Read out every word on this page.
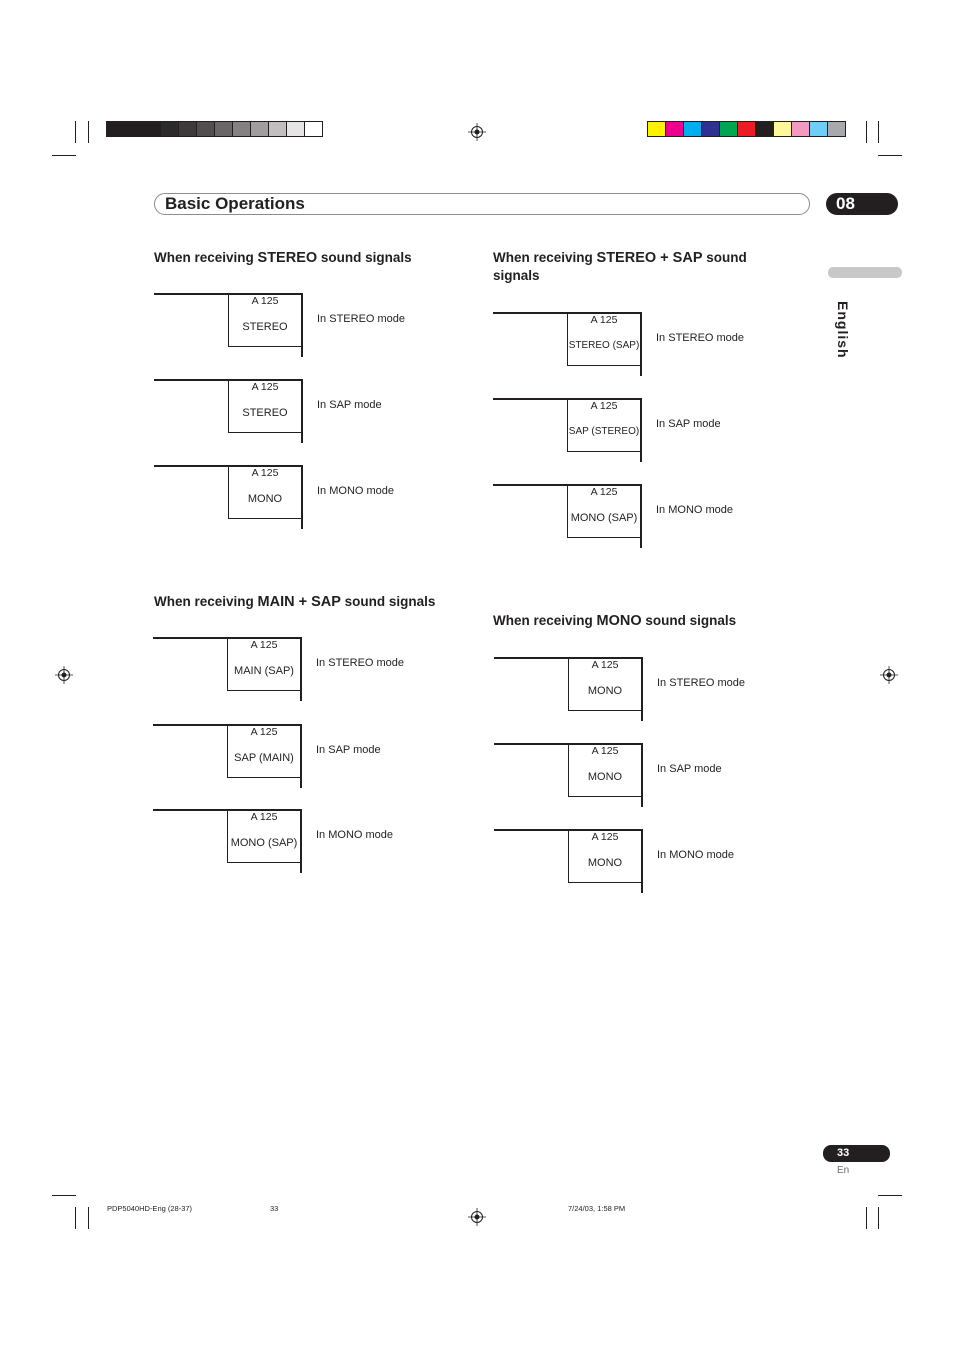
Basic Operations	08
English
When receiving STEREO sound signals	When receiving STEREO + SAP sound signals
When receiving MAIN + SAP sound signals
When receiving MONO sound signals
A 125
STEREO
In STEREO mode
A 125
STEREO
In SAP mode
A 125
MONO
In MONO mode
A 125
STEREO (SAP)
In STEREO mode
A 125
SAP (STEREO)
In SAP mode
A 125
MONO (SAP)
In MONO mode
A 125
MAIN (SAP)
In STEREO mode
A 125
SAP (MAIN)
In SAP mode
A 125
MONO (SAP)
In MONO mode
A 125
MONO
In STEREO mode
A 125
MONO
In SAP mode
A 125
MONO
In MONO mode
33
En
PDP5040HD-Eng (28-37)	33	7/24/03, 1:58 PM
